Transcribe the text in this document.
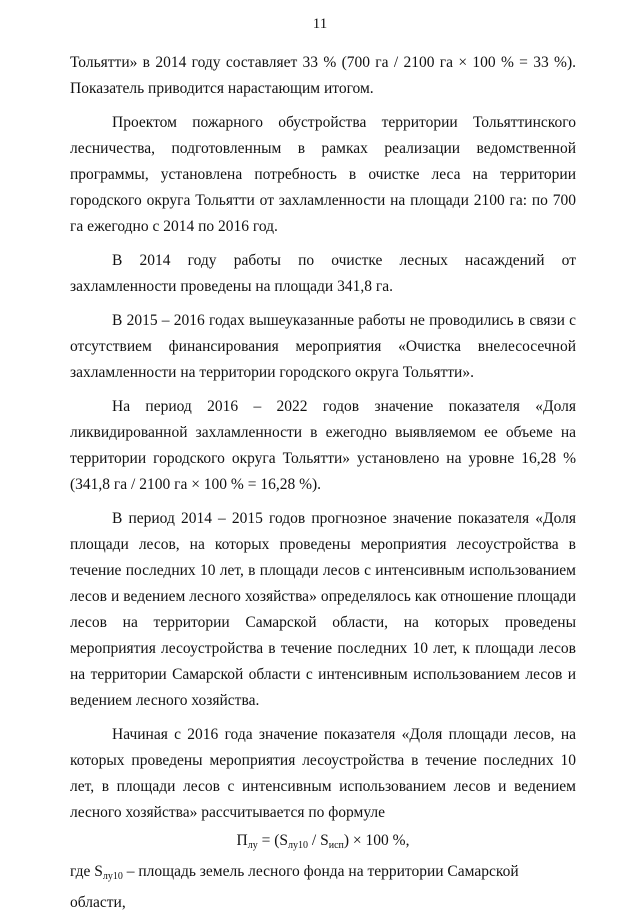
11

Тольятти» в 2014 году составляет 33 % (700 га / 2100 га × 100 % = 33 %). Показатель приводится нарастающим итогом.

Проектом пожарного обустройства территории Тольяттинского лесничества, подготовленным в рамках реализации ведомственной программы, установлена потребность в очистке леса на территории городского округа Тольятти от захламленности на площади 2100 га: по 700 га ежегодно с 2014 по 2016 год.

В 2014 году работы по очистке лесных насаждений от захламленности проведены на площади 341,8 га.

В 2015 – 2016 годах вышеуказанные работы не проводились в связи с отсутствием финансирования мероприятия «Очистка внелесосечной захламленности на территории городского округа Тольятти».

На период 2016 – 2022 годов значение показателя «Доля ликвидированной захламленности в ежегодно выявляемом ее объеме на территории городского округа Тольятти» установлено на уровне 16,28 % (341,8 га / 2100 га × 100 % = 16,28 %).

В период 2014 – 2015 годов прогнозное значение показателя «Доля площади лесов, на которых проведены мероприятия лесоустройства в течение последних 10 лет, в площади лесов с интенсивным использованием лесов и ведением лесного хозяйства» определялось как отношение площади лесов на территории Самарской области, на которых проведены мероприятия лесоустройства в течение последних 10 лет, к площади лесов на территории Самарской области с интенсивным использованием лесов и ведением лесного хозяйства.

Начиная с 2016 года значение показателя «Доля площади лесов, на которых проведены мероприятия лесоустройства в течение последних 10 лет, в площади лесов с интенсивным использованием лесов и ведением лесного хозяйства» рассчитывается по формуле

$П_{лу} = (S_{лу10} / S_{исп}) \times 100$ %,

где $S_{лу10}$ – площадь земель лесного фонда на территории Самарской области,
